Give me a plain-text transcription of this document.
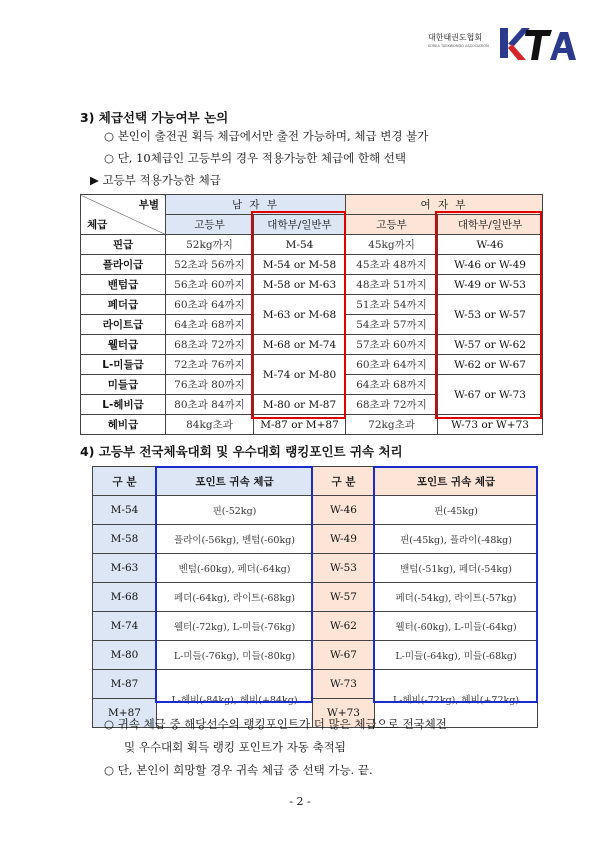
대한태권도협회
KOREA TAEKWONDO ASSOCIATION
3) 체급선택 가능여부 논의
○ 본인이 출전권 획득 체급에서만 출전 가능하며, 체급 변경 불가
○ 단, 10체급인 고등부의 경우 적용가능한 체급에 한해 선택
▶ 고등부 적용가능한 체급
부별
체급	남 자 부		여 자 부	
	고등부	대학부/일반부	고등부	대학부/일반부
핀급	52kg까지	M-54	45kg까지	W-46
플라이급	52초과 56까지	M-54 or M-58	45초과 48까지	W-46 or W-49
밴텀급	56초과 60까지	M-58 or M-63	48초과 51까지	W-49 or W-53
페더급	60초과 64까지	M-63 or M-68	51초과 54까지	W-53 or W-57
라이트급	64초과 68까지		54초과 57까지	
웰터급	68초과 72까지	M-68 or M-74	57초과 60까지	W-57 or W-62
L-미들급	72초과 76까지	M-74 or M-80	60초과 64까지	W-62 or W-67
미들급	76초과 80까지		64초과 68까지	W-67 or W-73
L-헤비급	80초과 84까지	M-80 or M-87	68초과 72까지	
헤비급	84kg초과	M-87 or M+87	72kg초과	W-73 or W+73
4) 고등부 전국체육대회 및 우수대회 랭킹포인트 귀속 처리
구 분	포인트 귀속 체급	구 분	포인트 귀속 체급
M-54	핀(-52kg)	W-46	핀(-45kg)
M-58	플라이(-56kg), 벤텀(-60kg)	W-49	핀(-45kg), 플라이(-48kg)
M-63	벤텀(-60kg), 페더(-64kg)	W-53	밴텀(-51kg), 페더(-54kg)
M-68	페더(-64kg), 라이트(-68kg)	W-57	페더(-54kg), 라이트(-57kg)
M-74	웰터(-72kg), L-미들(-76kg)	W-62	웰터(-60kg), L-미들(-64kg)
M-80	L-미들(-76kg), 미들(-80kg)	W-67	L-미들(-64kg), 미들(-68kg)
M-87	L-헤비(-84kg), 헤비(+84kg)	W-73	L-헤비(-72kg), 헤비(+72kg)
M+87		W+73	
○ 귀속 체급 중 해당선수의 랭킹포인트가 더 많은 체급으로 전국체전
및 우수대회 획득 랭킹 포인트가 자동 축적됨
○ 단, 본인이 희망할 경우 귀속 체급 중 선택 가능. 끝.
- 2 -
